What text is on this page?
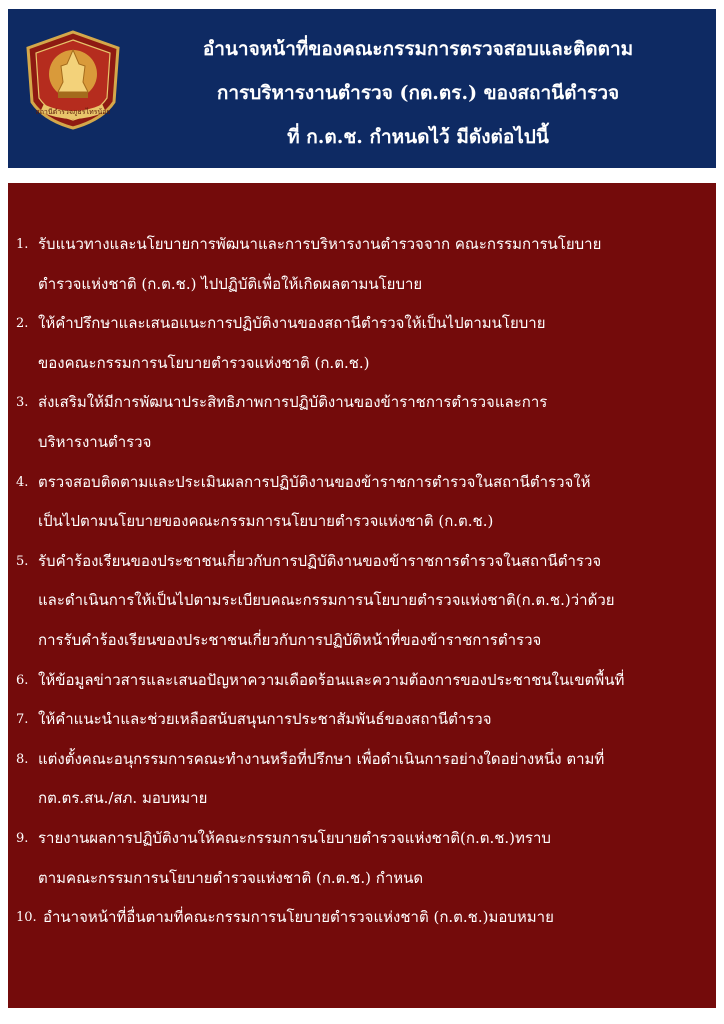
สถานีตำรวจภูธรไทรน้อย
อำนาจหน้าที่ของคณะกรรมการตรวจสอบและติดตาม
การบริหารงานตำรวจ (กต.ตร.) ของสถานีตำรวจ
ที่ ก.ต.ช. กำหนดไว้ มีดังต่อไปนี้
1. รับแนวทางและนโยบายการพัฒนาและการบริหารงานตำรวจจาก คณะกรรมการนโยบาย
ตำรวจแห่งชาติ (ก.ต.ช.) ไปปฏิบัติเพื่อให้เกิดผลตามนโยบาย
2. ให้คำปรึกษาและเสนอแนะการปฏิบัติงานของสถานีตำรวจให้เป็นไปตามนโยบาย
ของคณะกรรมการนโยบายตำรวจแห่งชาติ (ก.ต.ช.)
3. ส่งเสริมให้มีการพัฒนาประสิทธิภาพการปฏิบัติงานของข้าราชการตำรวจและการ
บริหารงานตำรวจ
4. ตรวจสอบติดตามและประเมินผลการปฏิบัติงานของข้าราชการตำรวจในสถานีตำรวจให้
เป็นไปตามนโยบายของคณะกรรมการนโยบายตำรวจแห่งชาติ (ก.ต.ช.)
5. รับคำร้องเรียนของประชาชนเกี่ยวกับการปฏิบัติงานของข้าราชการตำรวจในสถานีตำรวจ
และดำเนินการให้เป็นไปตามระเบียบคณะกรรมการนโยบายตำรวจแห่งชาติ(ก.ต.ช.)ว่าด้วย
การรับคำร้องเรียนของประชาชนเกี่ยวกับการปฏิบัติหน้าที่ของข้าราชการตำรวจ
6. ให้ข้อมูลข่าวสารและเสนอปัญหาความเดือดร้อนและความต้องการของประชาชนในเขตพื้นที่
7. ให้คำแนะนำและช่วยเหลือสนับสนุนการประชาสัมพันธ์ของสถานีตำรวจ
8. แต่งตั้งคณะอนุกรรมการคณะทำงานหรือที่ปรึกษา เพื่อดำเนินการอย่างใดอย่างหนึ่ง ตามที่
กต.ตร.สน./สภ. มอบหมาย
9. รายงานผลการปฏิบัติงานให้คณะกรรมการนโยบายตำรวจแห่งชาติ(ก.ต.ช.)ทราบ
ตามคณะกรรมการนโยบายตำรวจแห่งชาติ (ก.ต.ช.) กำหนด
10. อำนาจหน้าที่อื่นตามที่คณะกรรมการนโยบายตำรวจแห่งชาติ (ก.ต.ช.)มอบหมาย
